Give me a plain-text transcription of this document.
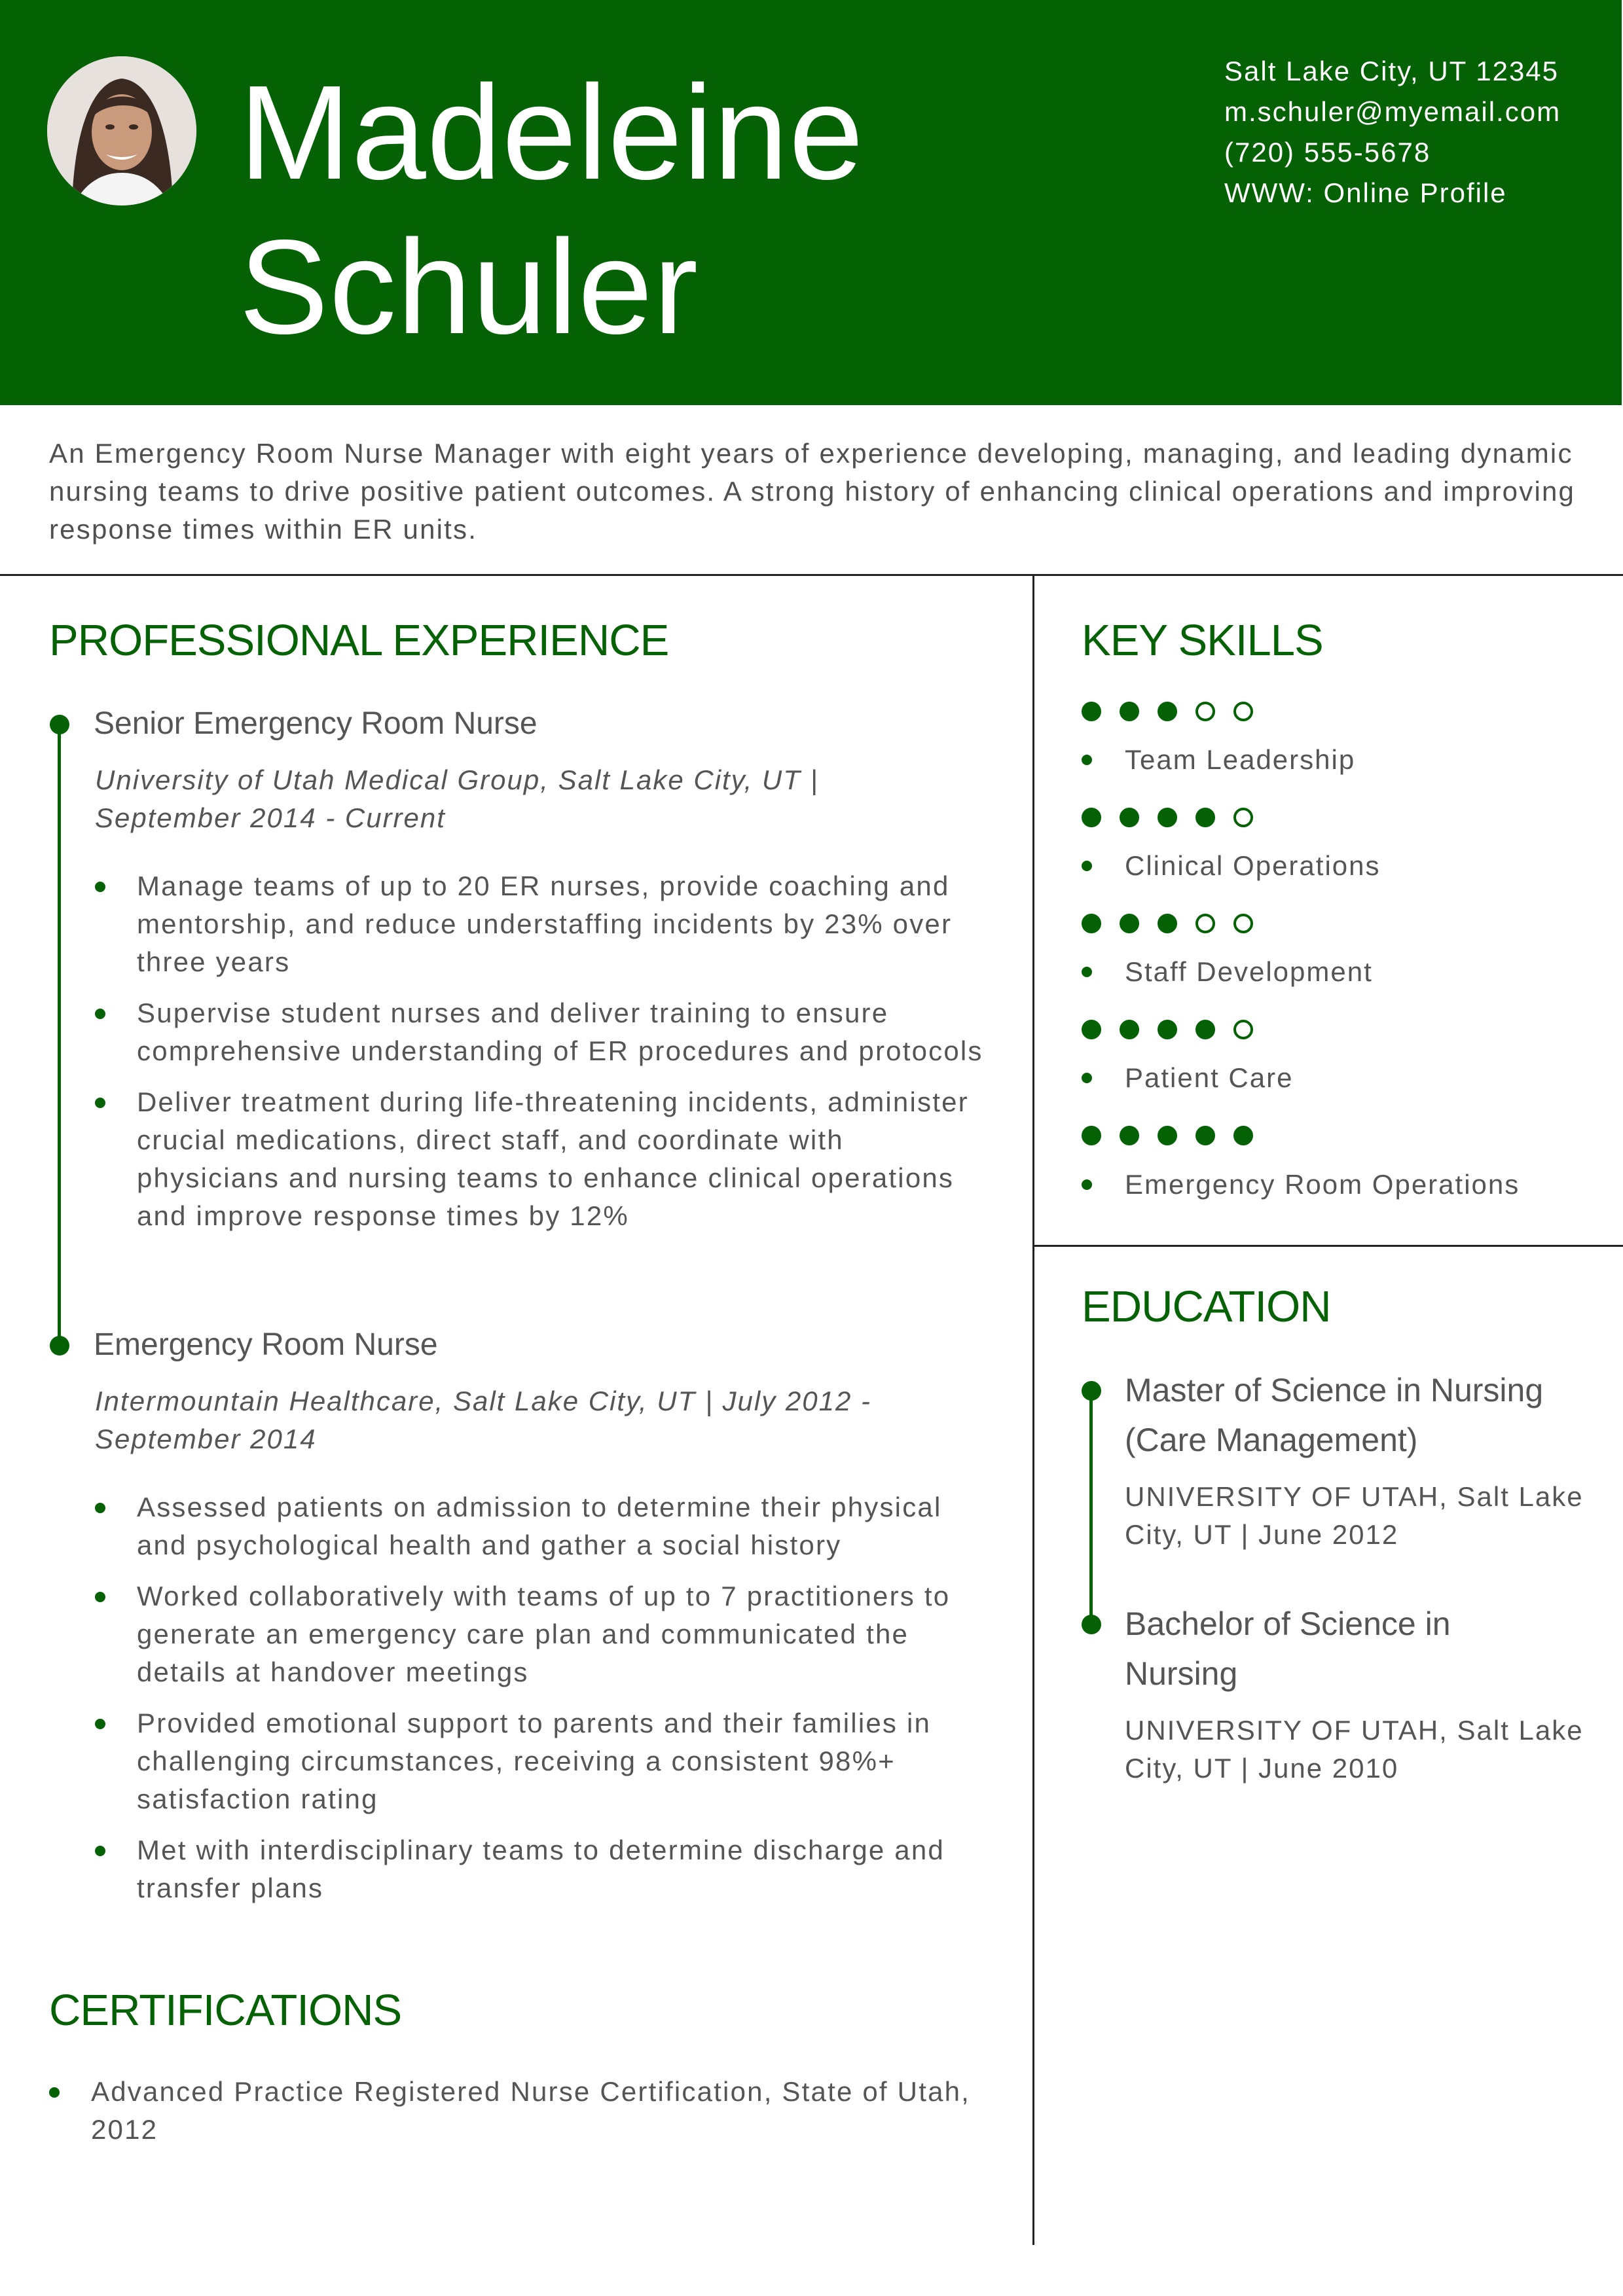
Madeleine
Schuler
Salt Lake City, UT 12345
m.schuler@myemail.com
(720) 555-5678
WWW: Online Profile
An Emergency Room Nurse Manager with eight years of experience developing, managing, and leading dynamic nursing teams to drive positive patient outcomes. A strong history of enhancing clinical operations and improving response times within ER units.
PROFESSIONAL EXPERIENCE
Senior Emergency Room Nurse
University of Utah Medical Group, Salt Lake City, UT | September 2014 - Current
Manage teams of up to 20 ER nurses, provide coaching and mentorship, and reduce understaffing incidents by 23% over three years
Supervise student nurses and deliver training to ensure comprehensive understanding of ER procedures and protocols
Deliver treatment during life-threatening incidents, administer crucial medications, direct staff, and coordinate with physicians and nursing teams to enhance clinical operations and improve response times by 12%
Emergency Room Nurse
Intermountain Healthcare, Salt Lake City, UT | July 2012 - September 2014
Assessed patients on admission to determine their physical and psychological health and gather a social history
Worked collaboratively with teams of up to 7 practitioners to generate an emergency care plan and communicated the details at handover meetings
Provided emotional support to parents and their families in challenging circumstances, receiving a consistent 98%+ satisfaction rating
Met with interdisciplinary teams to determine discharge and transfer plans
CERTIFICATIONS
Advanced Practice Registered Nurse Certification, State of Utah, 2012
KEY SKILLS
Team Leadership
Clinical Operations
Staff Development
Patient Care
Emergency Room Operations
EDUCATION
Master of Science in Nursing (Care Management)
UNIVERSITY OF UTAH, Salt Lake City, UT | June 2012
Bachelor of Science in Nursing
UNIVERSITY OF UTAH, Salt Lake City, UT | June 2010
